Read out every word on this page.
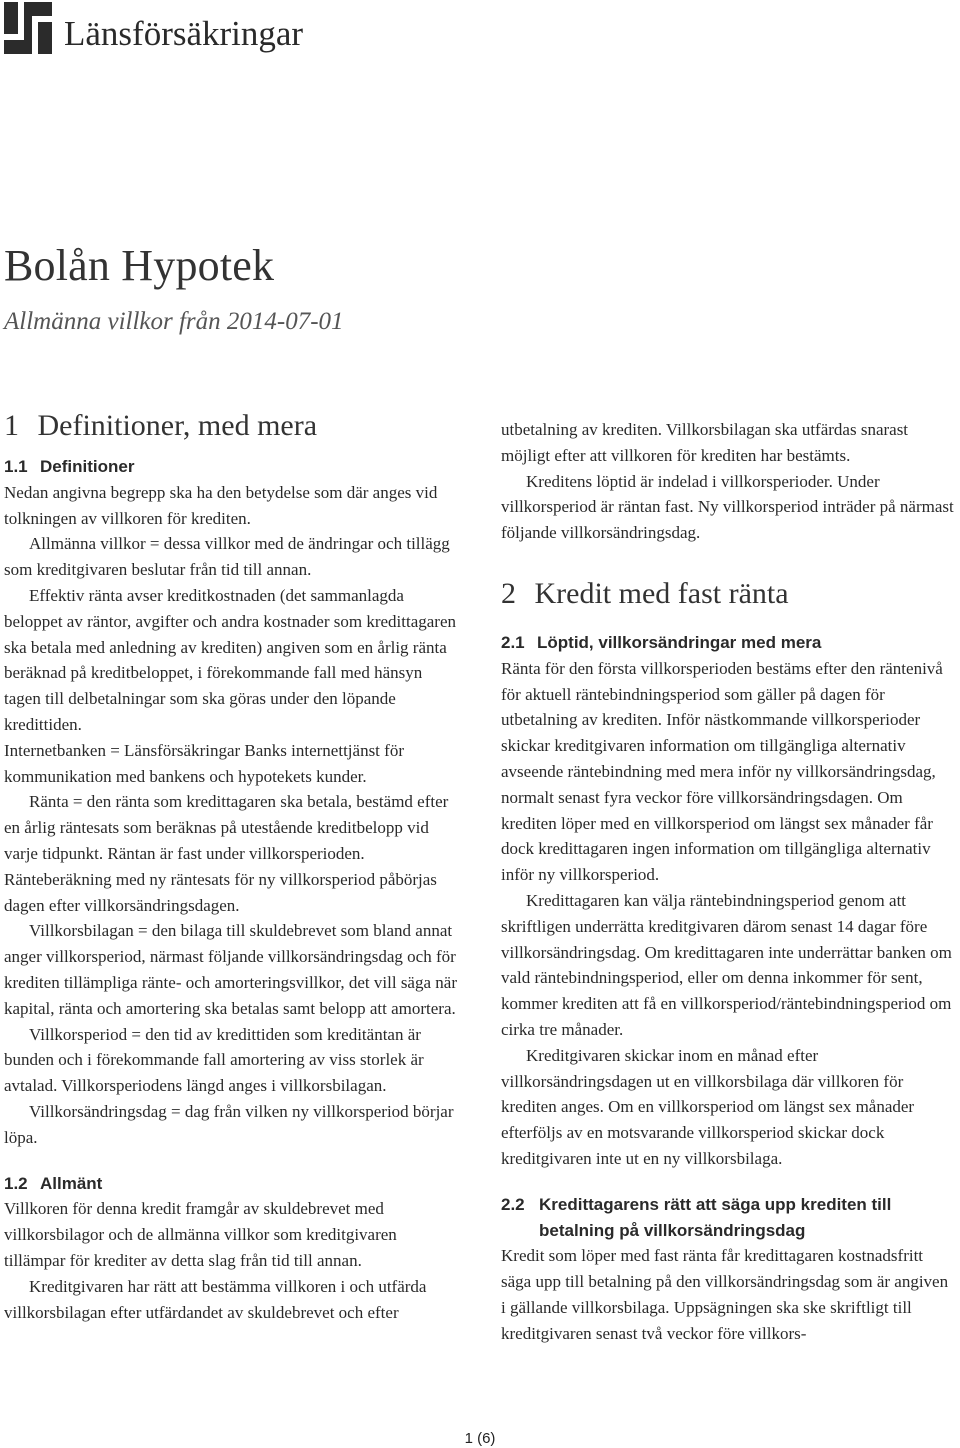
Länsförsäkringar
Bolån Hypotek
Allmänna villkor från 2014-07-01
1 Definitioner, med mera
1.1 Definitioner

Nedan angivna begrepp ska ha den betydelse som där anges vid tolkningen av villkoren för krediten.

Allmänna villkor = dessa villkor med de ändringar och tillägg som kreditgivaren beslutar från tid till annan.

Effektiv ränta avser kreditkostnaden (det sammanlagda beloppet av räntor, avgifter och andra kostnader som kredittagaren ska betala med anledning av krediten) angiven som en årlig ränta beräknad på kreditbeloppet, i förekommande fall med hänsyn tagen till delbetalningar som ska göras under den löpande kredittiden.

Internetbanken = Länsförsäkringar Banks internettjänst för kommunikation med bankens och hypotekets kunder.

Ränta = den ränta som kredittagaren ska betala, bestämd efter en årlig räntesats som beräknas på utestående kreditbelopp vid varje tidpunkt. Räntan är fast under villkorsperioden.

Ränteberäkning med ny räntesats för ny villkorsperiod påbörjas dagen efter villkorsändringsdagen.

Villkorsbilagan = den bilaga till skuldebrevet som bland annat anger villkorsperiod, närmast följande villkorsändringsdag och för krediten tillämpliga ränte- och amorteringsvillkor, det vill säga när kapital, ränta och amortering ska betalas samt belopp att amortera.

Villkorsperiod = den tid av kredittiden som kreditäntan är bunden och i förekommande fall amortering av viss storlek är avtalad. Villkorsperiodens längd anges i villkorsbilagan.

Villkorsändringsdag = dag från vilken ny villkorsperiod börjar löpa.

1.2 Allmänt

Villkoren för denna kredit framgår av skuldebrevet med villkorsbilagor och de allmänna villkor som kreditgivaren tillämpar för krediter av detta slag från tid till annan.

Kreditgivaren har rätt att bestämma villkoren i och utfärda villkorsbilagan efter utfärdandet av skuldebrevet och efter

utbetalning av krediten. Villkorsbilagan ska utfärdas snarast möjligt efter att villkoren för krediten har bestämts.

Kreditens löptid är indelad i villkorsperioder. Under villkorsperiod är räntan fast. Ny villkorsperiod inträder på närmast följande villkorsändringsdag.

2 Kredit med fast ränta
2.1 Löptid, villkorsändringar med mera

Ränta för den första villkorsperioden bestäms efter den räntenivå för aktuell räntebindningsperiod som gäller på dagen för utbetalning av krediten. Inför nästkommande villkorsperioder skickar kreditgivaren information om tillgängliga alternativ avseende räntebindning med mera inför ny villkorsändringsdag, normalt senast fyra veckor före villkorsändringsdagen. Om krediten löper med en villkorsperiod om längst sex månader får dock kredittagaren ingen information om tillgängliga alternativ inför ny villkorsperiod.

Kredittagaren kan välja räntebindningsperiod genom att skriftligen underrätta kreditgivaren därom senast 14 dagar före villkorsändringsdag. Om kredittagaren inte underrättar banken om vald räntebindningsperiod, eller om denna inkommer för sent, kommer krediten att få en villkorsperiod/räntebindningsperiod om cirka tre månader.

Kreditgivaren skickar inom en månad efter villkorsändringsdagen ut en villkorsbilaga där villkoren för krediten anges. Om en villkorsperiod om längst sex månader efterföljs av en motsvarande villkorsperiod skickar dock kreditgivaren inte ut en ny villkorsbilaga.

2.2 Kredittagarens rätt att säga upp krediten till betalning på villkorsändringsdag

Kredit som löper med fast ränta får kredittagaren kostnadsfritt säga upp till betalning på den villkorsändringsdag som är angiven i gällande villkorsbilaga. Uppsägningen ska ske skriftligt till kreditgivaren senast två veckor före villkors-

1 (6)
